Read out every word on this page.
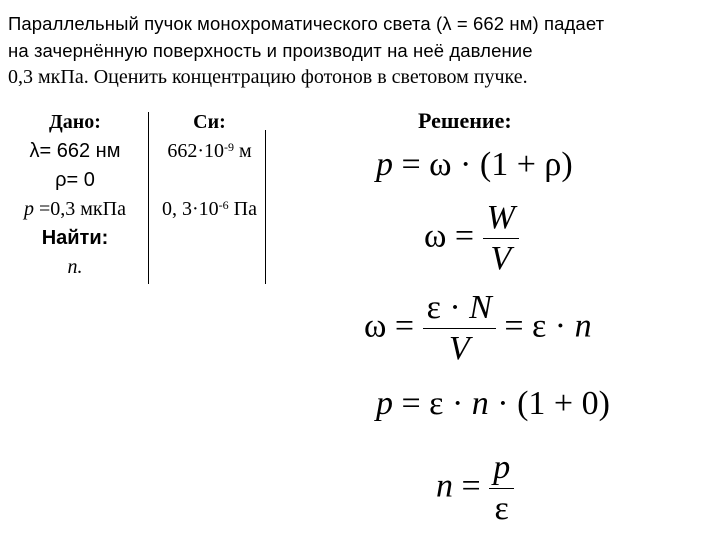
Параллельный пучок монохроматического света (λ = 662 нм) падает
на зачернённую поверхность и производит на неё давление
0,3 мкПа. Оценить концентрацию фотонов в световом пучке.
Дано:
λ= 662 нм
ρ= 0
p =0,3 мкПа
Найти:
n.
Си:
$662\cdot 10^{-9}$ м

0, $3\cdot 10^{-6}$ Па
Решение:
p = ω · (1 + ρ)
$\omega = \frac{W}{V}$
$\omega = \frac{\varepsilon \cdot N}{V} = \varepsilon \cdot n$
p = ε · n · (1 + 0)
$n = \frac{p}{\varepsilon}$
